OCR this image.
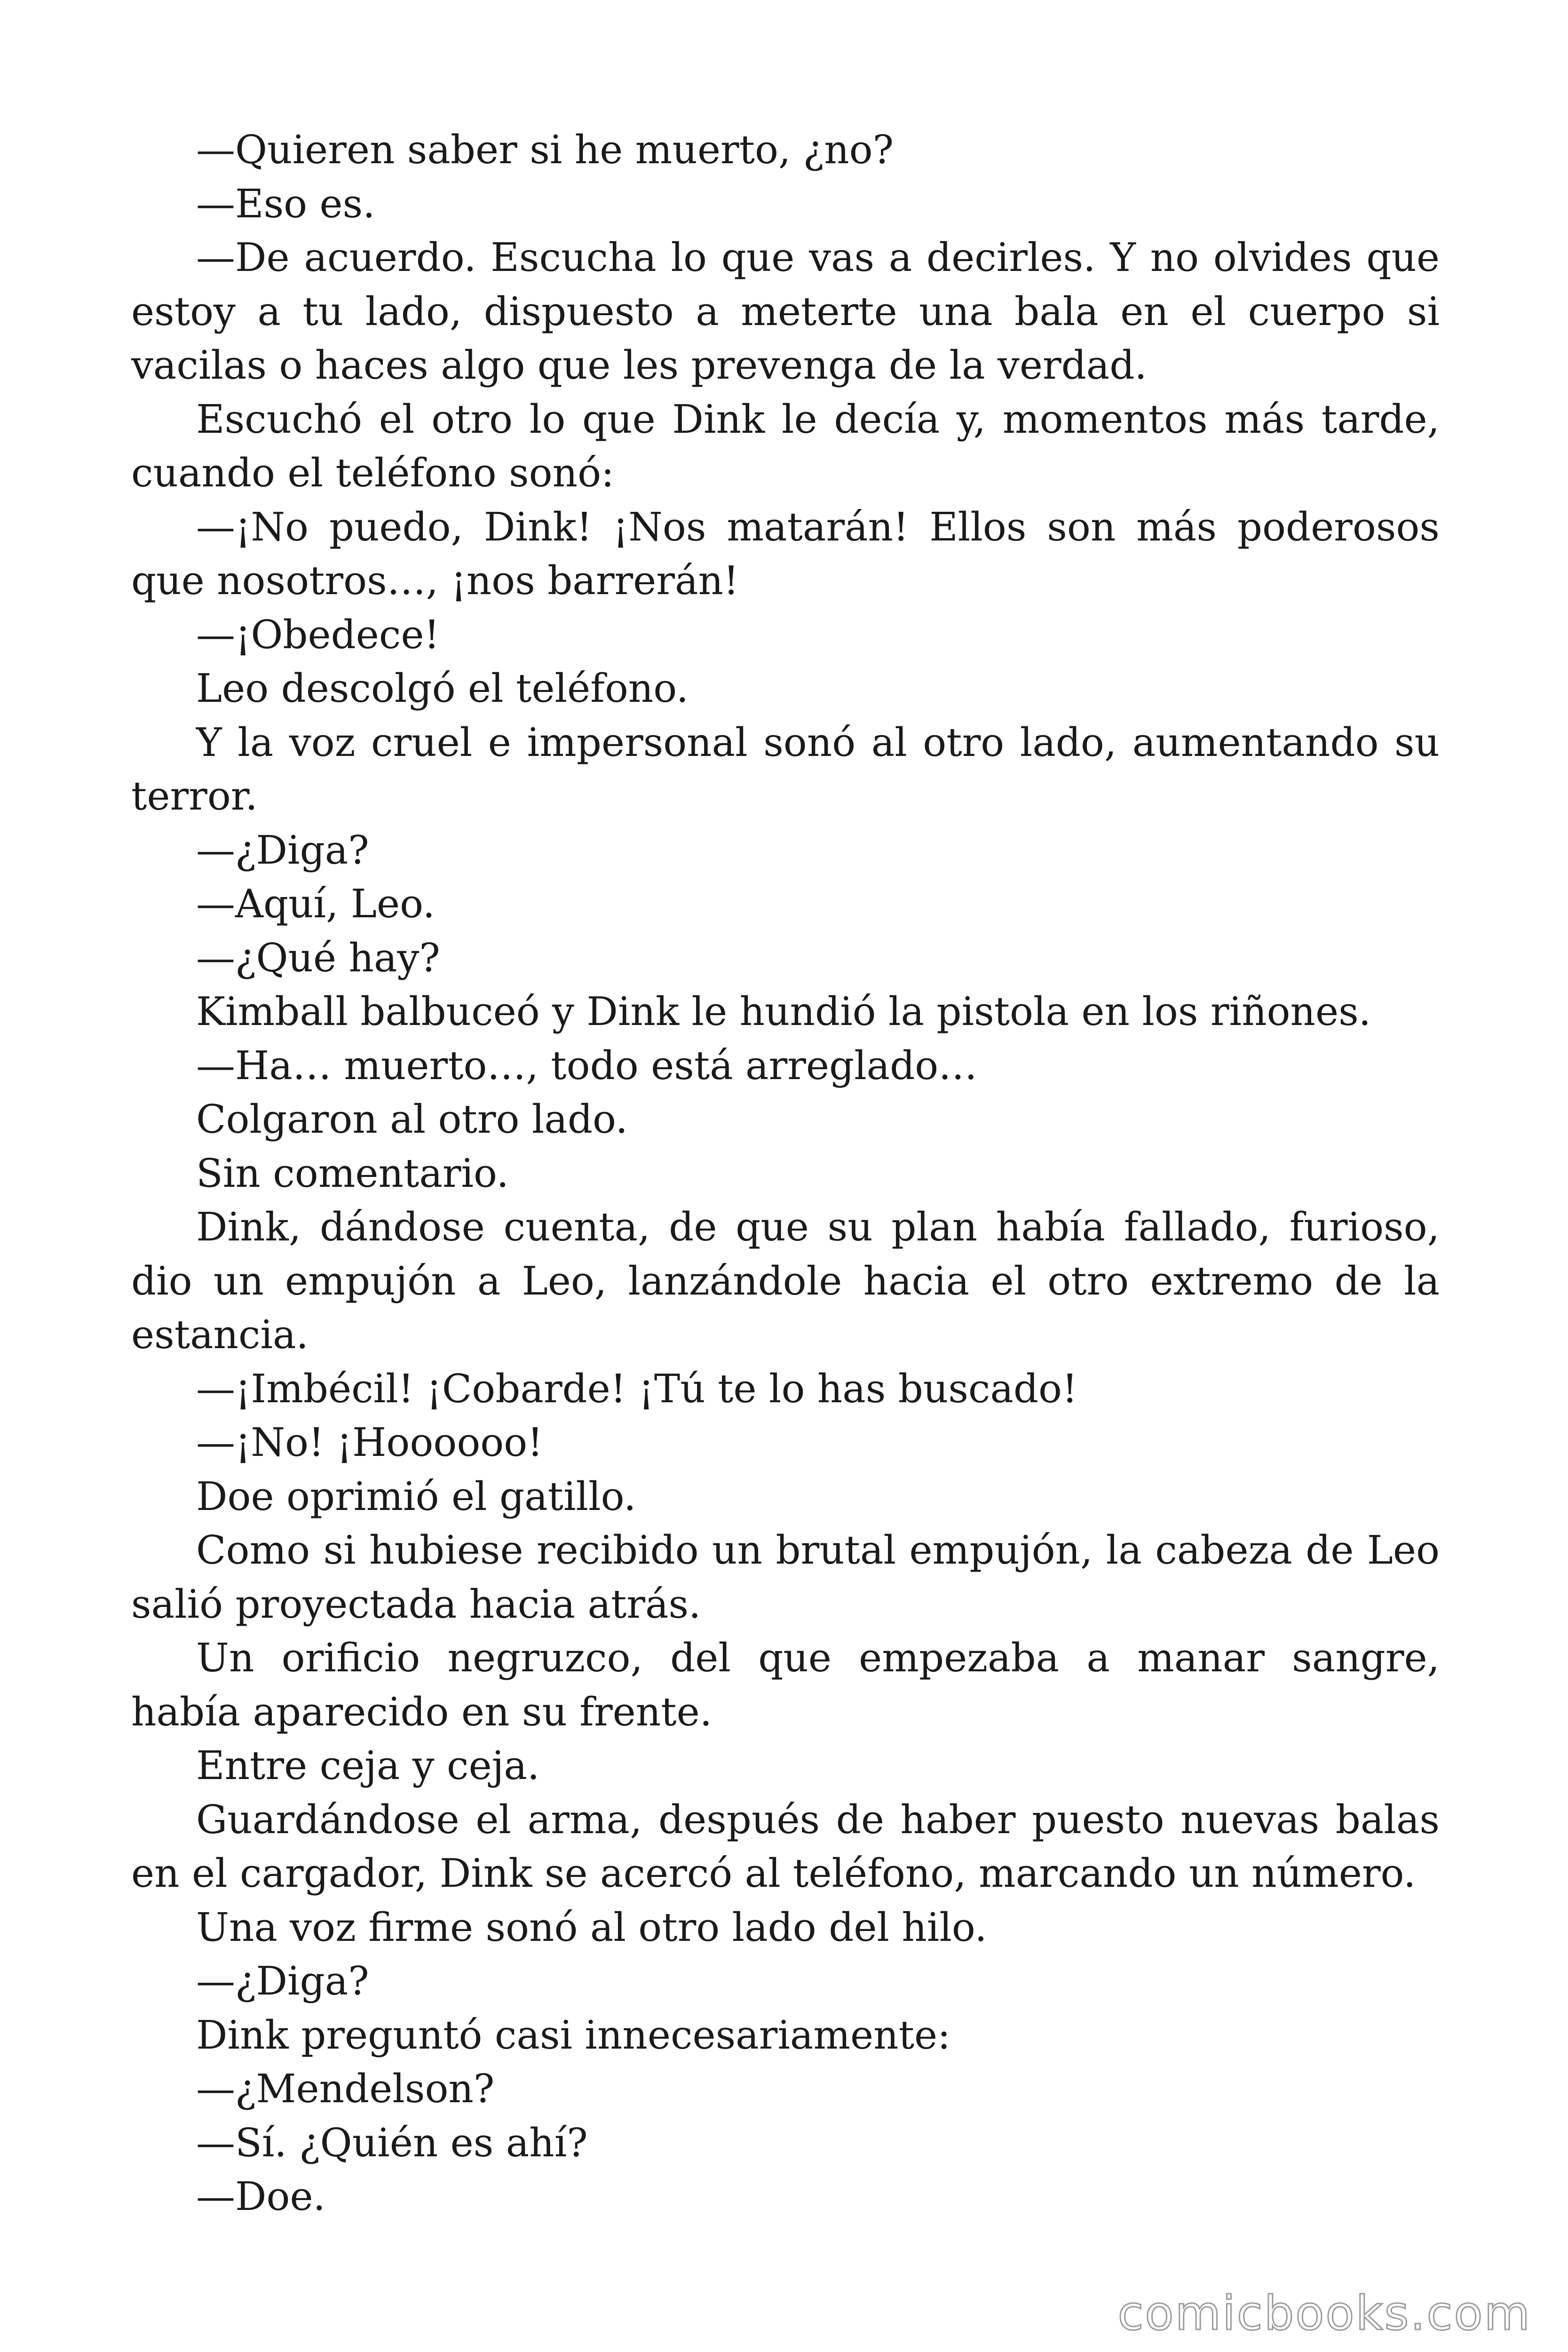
—Quieren saber si he muerto, ¿no?

—Eso es.

—De acuerdo. Escucha lo que vas a decirles. Y no olvides que estoy a tu lado, dispuesto a meterte una bala en el cuerpo si vacilas o haces algo que les prevenga de la verdad.

Escuchó el otro lo que Dink le decía y, momentos más tarde, cuando el teléfono sonó:

—¡No puedo, Dink! ¡Nos matarán! Ellos son más poderosos que nosotros…, ¡nos barrerán!

—¡Obedece!

Leo descolgó el teléfono.

Y la voz cruel e impersonal sonó al otro lado, aumentando su terror.

—¿Diga?

—Aquí, Leo.

—¿Qué hay?

Kimball balbuceó y Dink le hundió la pistola en los riñones.

—Ha… muerto…, todo está arreglado…

Colgaron al otro lado.

Sin comentario.

Dink, dándose cuenta, de que su plan había fallado, furioso, dio un empujón a Leo, lanzándole hacia el otro extremo de la estancia.

—¡Imbécil! ¡Cobarde! ¡Tú te lo has buscado!

—¡No! ¡Hoooooo!

Doe oprimió el gatillo.

Como si hubiese recibido un brutal empujón, la cabeza de Leo salió proyectada hacia atrás.

Un orificio negruzco, del que empezaba a manar sangre, había aparecido en su frente.

Entre ceja y ceja.

Guardándose el arma, después de haber puesto nuevas balas en el cargador, Dink se acercó al teléfono, marcando un número.

Una voz firme sonó al otro lado del hilo.

—¿Diga?

Dink preguntó casi innecesariamente:

—¿Mendelson?

—Sí. ¿Quién es ahí?

—Doe.

comicbooks.com
